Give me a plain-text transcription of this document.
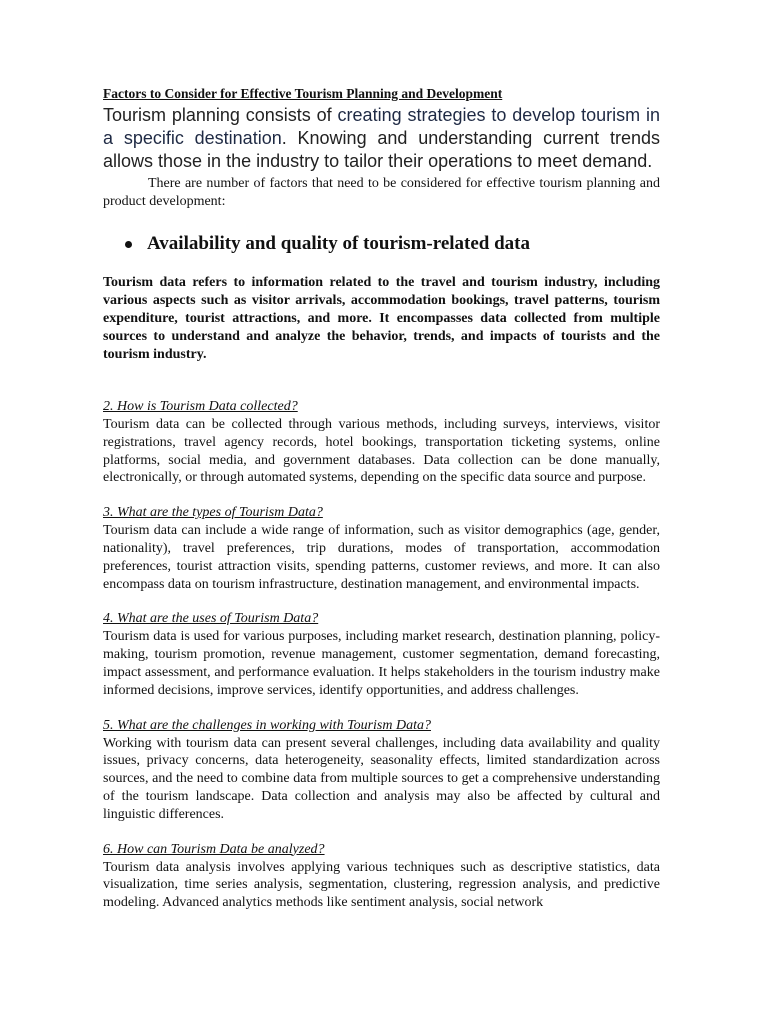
Factors to Consider for Effective Tourism Planning and Development

Tourism planning consists of creating strategies to develop tourism in a specific destination. Knowing and understanding current trends allows those in the industry to tailor their operations to meet demand.

There are number of factors that need to be considered for effective tourism planning and product development:

Availability and quality of tourism-related data

Tourism data refers to information related to the travel and tourism industry, including various aspects such as visitor arrivals, accommodation bookings, travel patterns, tourism expenditure, tourist attractions, and more. It encompasses data collected from multiple sources to understand and analyze the behavior, trends, and impacts of tourists and the tourism industry.

2. How is Tourism Data collected?

Tourism data can be collected through various methods, including surveys, interviews, visitor registrations, travel agency records, hotel bookings, transportation ticketing systems, online platforms, social media, and government databases. Data collection can be done manually, electronically, or through automated systems, depending on the specific data source and purpose.

3. What are the types of Tourism Data?

Tourism data can include a wide range of information, such as visitor demographics (age, gender, nationality), travel preferences, trip durations, modes of transportation, accommodation preferences, tourist attraction visits, spending patterns, customer reviews, and more. It can also encompass data on tourism infrastructure, destination management, and environmental impacts.

4. What are the uses of Tourism Data?

Tourism data is used for various purposes, including market research, destination planning, policy-making, tourism promotion, revenue management, customer segmentation, demand forecasting, impact assessment, and performance evaluation. It helps stakeholders in the tourism industry make informed decisions, improve services, identify opportunities, and address challenges.

5. What are the challenges in working with Tourism Data?

Working with tourism data can present several challenges, including data availability and quality issues, privacy concerns, data heterogeneity, seasonality effects, limited standardization across sources, and the need to combine data from multiple sources to get a comprehensive understanding of the tourism landscape. Data collection and analysis may also be affected by cultural and linguistic differences.

6. How can Tourism Data be analyzed?

Tourism data analysis involves applying various techniques such as descriptive statistics, data visualization, time series analysis, segmentation, clustering, regression analysis, and predictive modeling. Advanced analytics methods like sentiment analysis, social network
